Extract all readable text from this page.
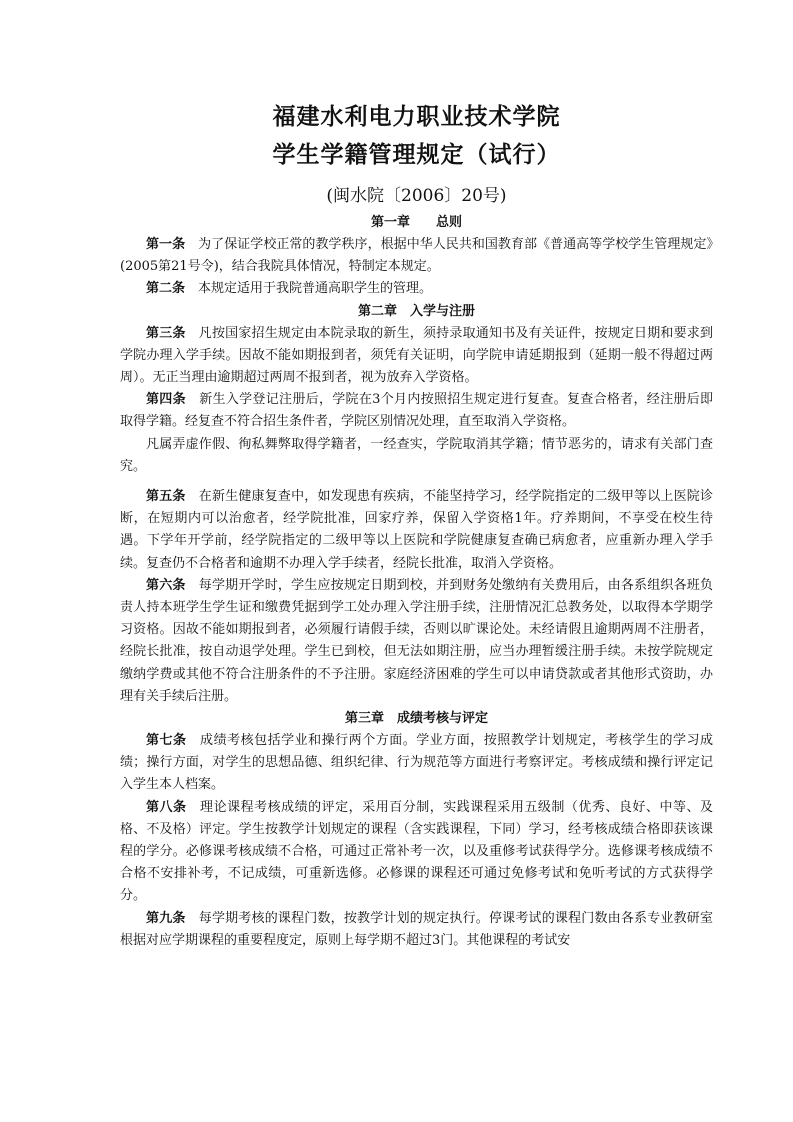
福建水利电力职业技术学院
学生学籍管理规定（试行）
(闽水院〔2006〕20号)
第一章　　总则

第一条　为了保证学校正常的教学秩序，根据中华人民共和国教育部《普通高等学校学生管理规定》(2005第21号令)，结合我院具体情况，特制定本规定。

第二条　本规定适用于我院普通高职学生的管理。

第二章　入学与注册

第三条　凡按国家招生规定由本院录取的新生，须持录取通知书及有关证件，按规定日期和要求到学院办理入学手续。因故不能如期报到者，须凭有关证明，向学院申请延期报到（延期一般不得超过两周）。无正当理由逾期超过两周不报到者，视为放弃入学资格。

第四条　新生入学登记注册后，学院在3个月内按照招生规定进行复查。复查合格者，经注册后即取得学籍。经复查不符合招生条件者，学院区别情况处理，直至取消入学资格。

凡属弄虚作假、徇私舞弊取得学籍者，一经查实，学院取消其学籍；情节恶劣的，请求有关部门查究。

第五条　在新生健康复查中，如发现患有疾病，不能坚持学习，经学院指定的二级甲等以上医院诊断，在短期内可以治愈者，经学院批准，回家疗养，保留入学资格1年。疗养期间，不享受在校生待遇。下学年开学前，经学院指定的二级甲等以上医院和学院健康复查确已病愈者，应重新办理入学手续。复查仍不合格者和逾期不办理入学手续者，经院长批准，取消入学资格。

第六条　每学期开学时，学生应按规定日期到校，并到财务处缴纳有关费用后，由各系组织各班负责人持本班学生学生证和缴费凭据到学工处办理入学注册手续，注册情况汇总教务处，以取得本学期学习资格。因故不能如期报到者，必须履行请假手续，否则以旷课论处。未经请假且逾期两周不注册者，经院长批准，按自动退学处理。学生已到校，但无法如期注册，应当办理暂缓注册手续。未按学院规定缴纳学费或其他不符合注册条件的不予注册。家庭经济困难的学生可以申请贷款或者其他形式资助，办理有关手续后注册。

第三章　成绩考核与评定

第七条　成绩考核包括学业和操行两个方面。学业方面，按照教学计划规定，考核学生的学习成绩；操行方面，对学生的思想品德、组织纪律、行为规范等方面进行考察评定。考核成绩和操行评定记入学生本人档案。

第八条　理论课程考核成绩的评定，采用百分制，实践课程采用五级制（优秀、良好、中等、及格、不及格）评定。学生按教学计划规定的课程（含实践课程，下同）学习，经考核成绩合格即获该课程的学分。必修课考核成绩不合格，可通过正常补考一次，以及重修考试获得学分。选修课考核成绩不合格不安排补考，不记成绩，可重新选修。必修课的课程还可通过免修考试和免听考试的方式获得学分。

第九条　每学期考核的课程门数，按教学计划的规定执行。停课考试的课程门数由各系专业教研室根据对应学期课程的重要程度定，原则上每学期不超过3门。其他课程的考试安
